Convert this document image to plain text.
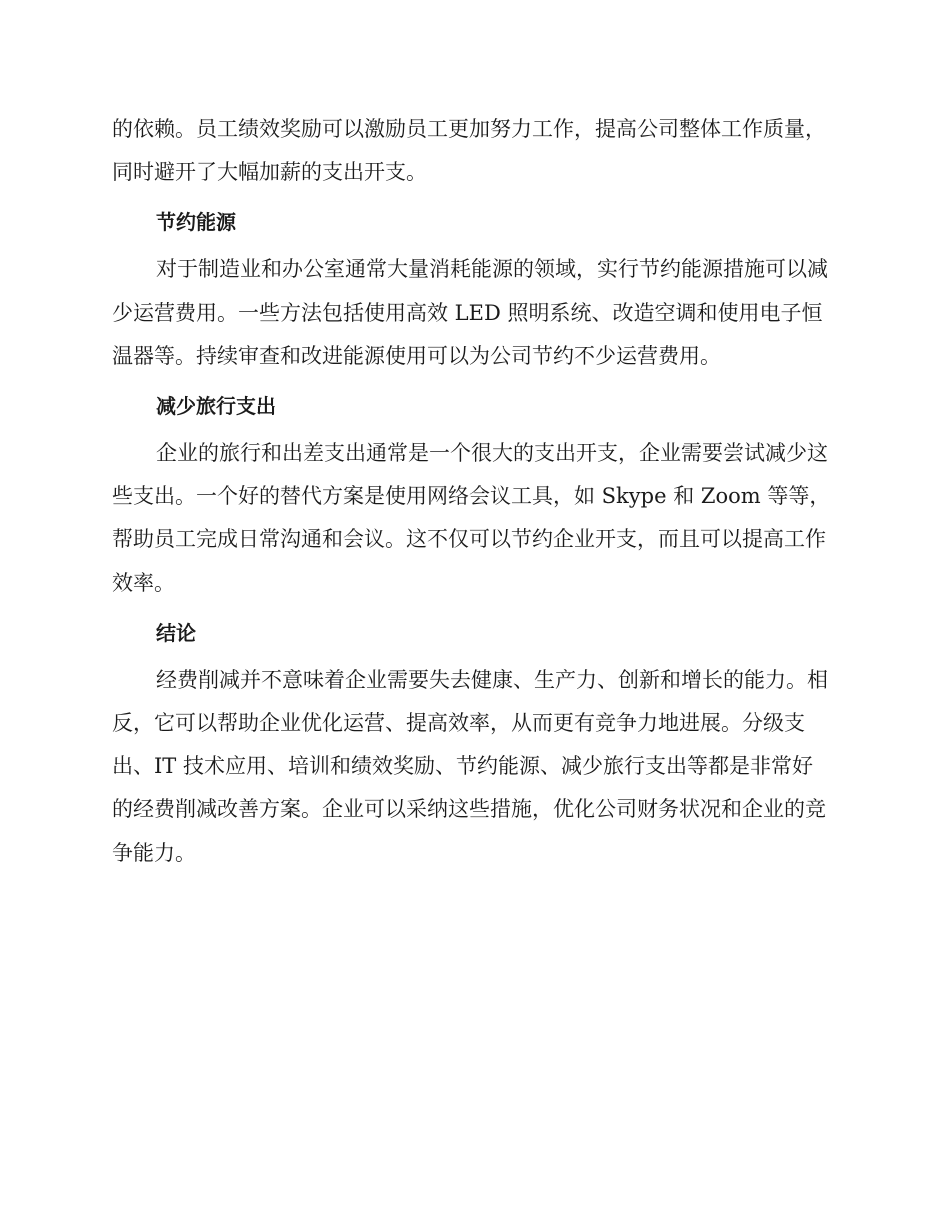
的依赖。员工绩效奖励可以激励员工更加努力工作，提高公司整体工作质量，同时避开了大幅加薪的支出开支。

节约能源

对于制造业和办公室通常大量消耗能源的领域，实行节约能源措施可以减少运营费用。一些方法包括使用高效 LED 照明系统、改造空调和使用电子恒温器等。持续审查和改进能源使用可以为公司节约不少运营费用。

减少旅行支出

企业的旅行和出差支出通常是一个很大的支出开支，企业需要尝试减少这些支出。一个好的替代方案是使用网络会议工具，如 Skype 和 Zoom 等等，帮助员工完成日常沟通和会议。这不仅可以节约企业开支，而且可以提高工作效率。

结论

经费削减并不意味着企业需要失去健康、生产力、创新和增长的能力。相反，它可以帮助企业优化运营、提高效率，从而更有竞争力地进展。分级支出、IT 技术应用、培训和绩效奖励、节约能源、减少旅行支出等都是非常好的经费削减改善方案。企业可以采纳这些措施，优化公司财务状况和企业的竞争能力。
